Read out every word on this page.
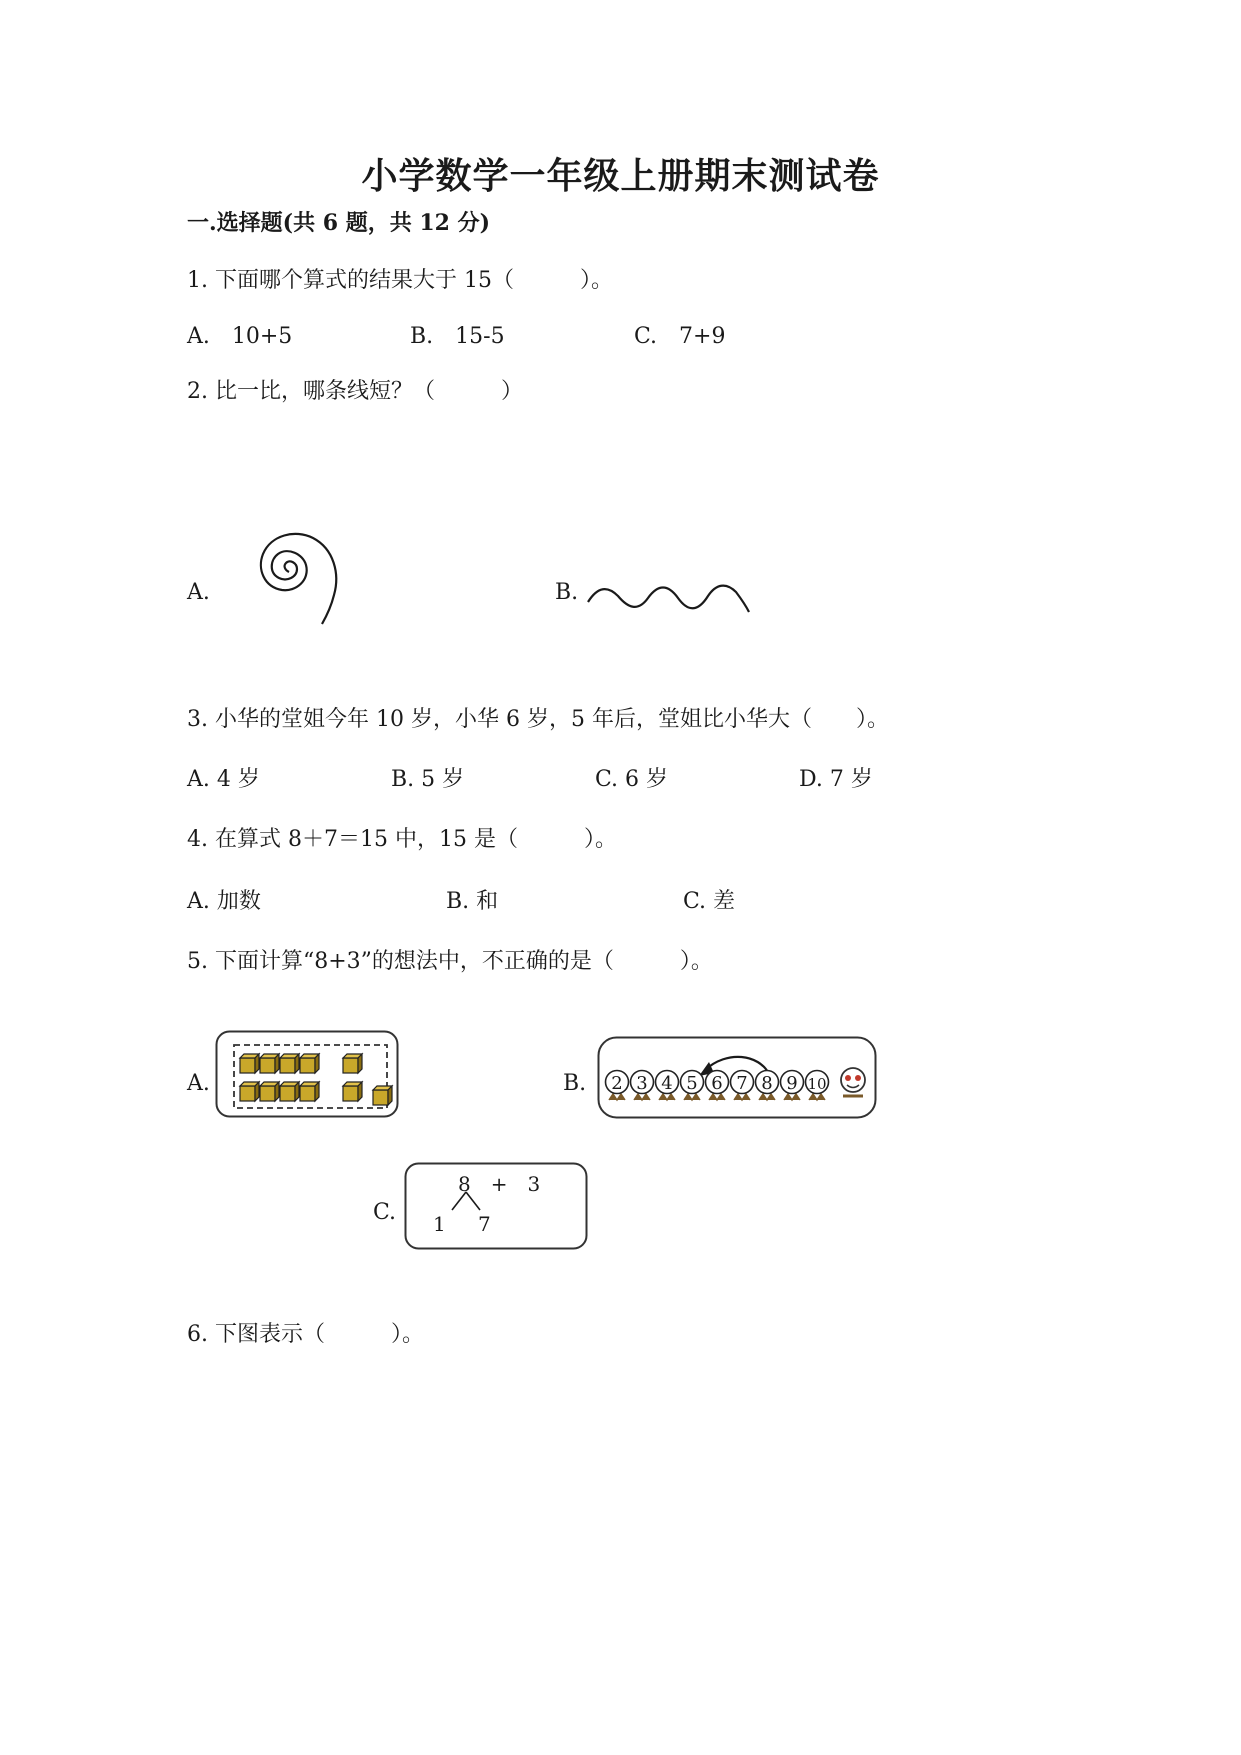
小学数学一年级上册期末测试卷
一.选择题(共 6 题，共 12 分)
1. 下面哪个算式的结果大于 15（　　　）。
A.　10+5	B.　15-5	C.　7+9
2. 比一比，哪条线短？（　　　）
A.	B.
3. 小华的堂姐今年 10 岁，小华 6 岁，5 年后，堂姐比小华大（　　）。
A. 4 岁	B. 5 岁	C. 6 岁	D. 7 岁
4. 在算式 8＋7＝15 中，15 是（　　　）。
A. 加数	B. 和	C. 差
5. 下面计算“8+3”的想法中，不正确的是（　　　）。
A.	B. 2 3 4 5 6 7 8 9 10
C.
8　+　3
1 7
6. 下图表示（　　　）。
